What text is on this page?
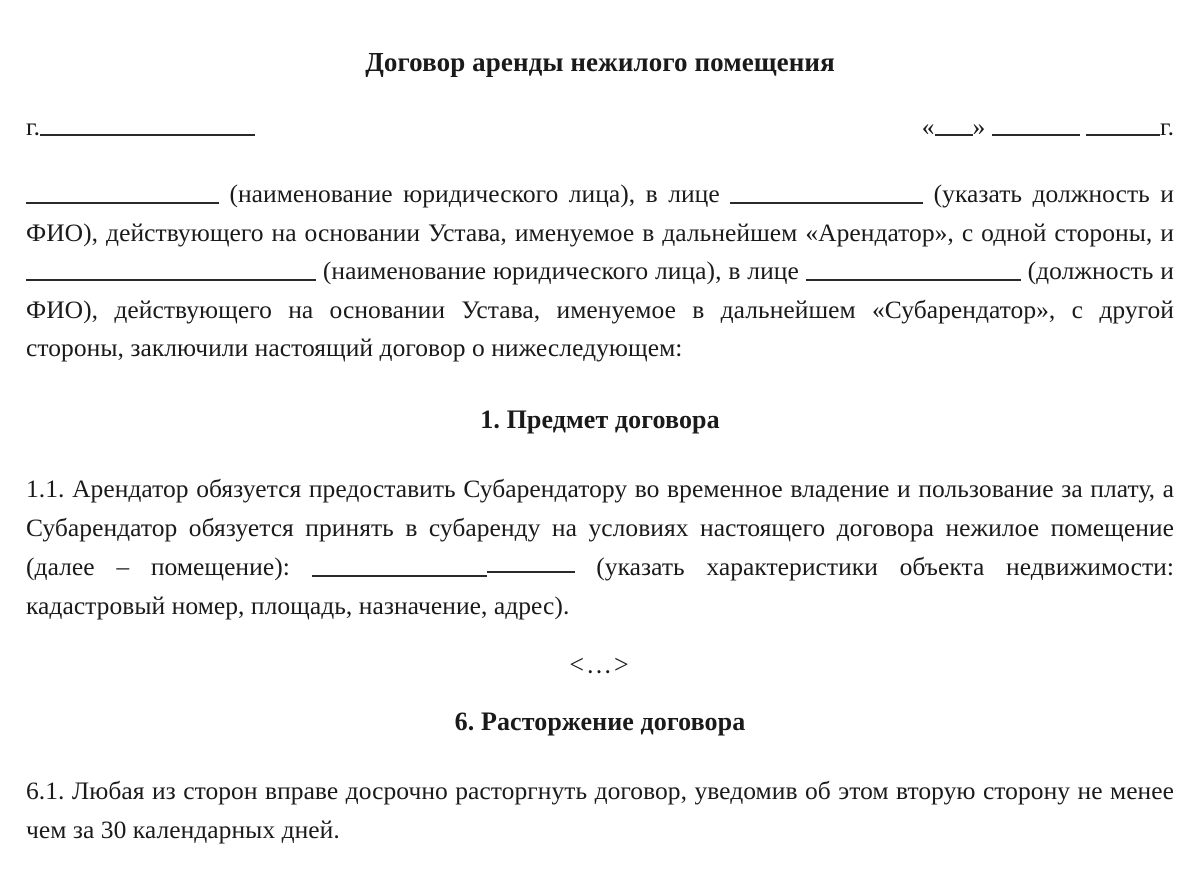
Договор аренды нежилого помещения
г.	« »	г.

(наименование юридического лица), в лице	(указать должность и ФИО), действующего на основании Устава, именуемое в дальнейшем «Арендатор», с одной стороны, и  (наименование юридического лица), в лице	(должность и ФИО), действующего на основании Устава, именуемое в дальнейшем «Субарендатор», с другой стороны, заключили настоящий договор о нижеследующем:

1. Предмет договора

1.1. Арендатор обязуется предоставить Субарендатору во временное владение и пользование за плату, а Субарендатор обязуется принять в субаренду на условиях настоящего договора нежилое помещение (далее – помещение):	(указать характеристики объекта недвижимости: кадастровый номер, площадь, назначение, адрес).

<…>
6. Расторжение договора

6.1. Любая из сторон вправе досрочно расторгнуть договор, уведомив об этом вторую сторону не менее чем за 30 календарных дней.
